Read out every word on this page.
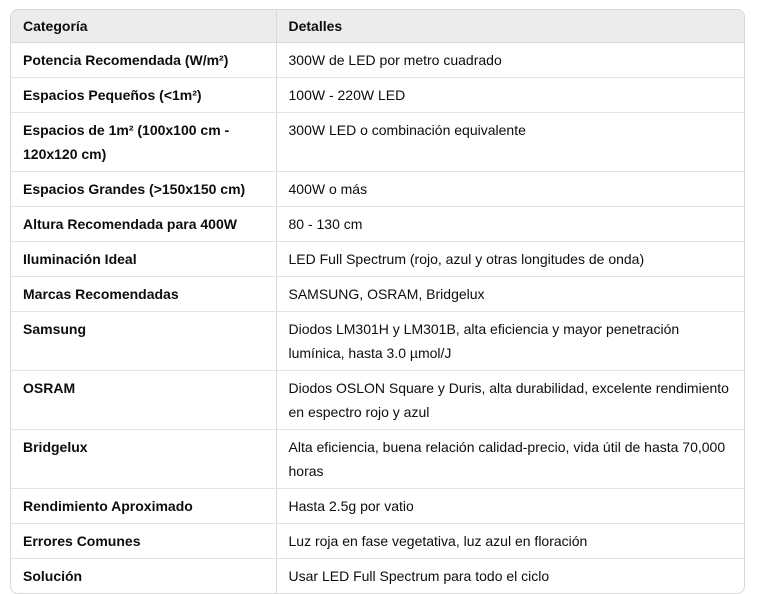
Categoría	Detalles
Potencia Recomendada (W/m²)	300W de LED por metro cuadrado
Espacios Pequeños (<1m²)	100W - 220W LED
Espacios de 1m² (100x100 cm - 120x120 cm)	300W LED o combinación equivalente
Espacios Grandes (>150x150 cm)	400W o más
Altura Recomendada para 400W	80 - 130 cm
Iluminación Ideal	LED Full Spectrum (rojo, azul y otras longitudes de onda)
Marcas Recomendadas	SAMSUNG, OSRAM, Bridgelux
Samsung	Diodos LM301H y LM301B, alta eficiencia y mayor penetración lumínica, hasta 3.0 µmol/J
OSRAM	Diodos OSLON Square y Duris, alta durabilidad, excelente rendimiento en espectro rojo y azul
Bridgelux	Alta eficiencia, buena relación calidad-precio, vida útil de hasta 70,000 horas
Rendimiento Aproximado	Hasta 2.5g por vatio
Errores Comunes	Luz roja en fase vegetativa, luz azul en floración
Solución	Usar LED Full Spectrum para todo el ciclo
